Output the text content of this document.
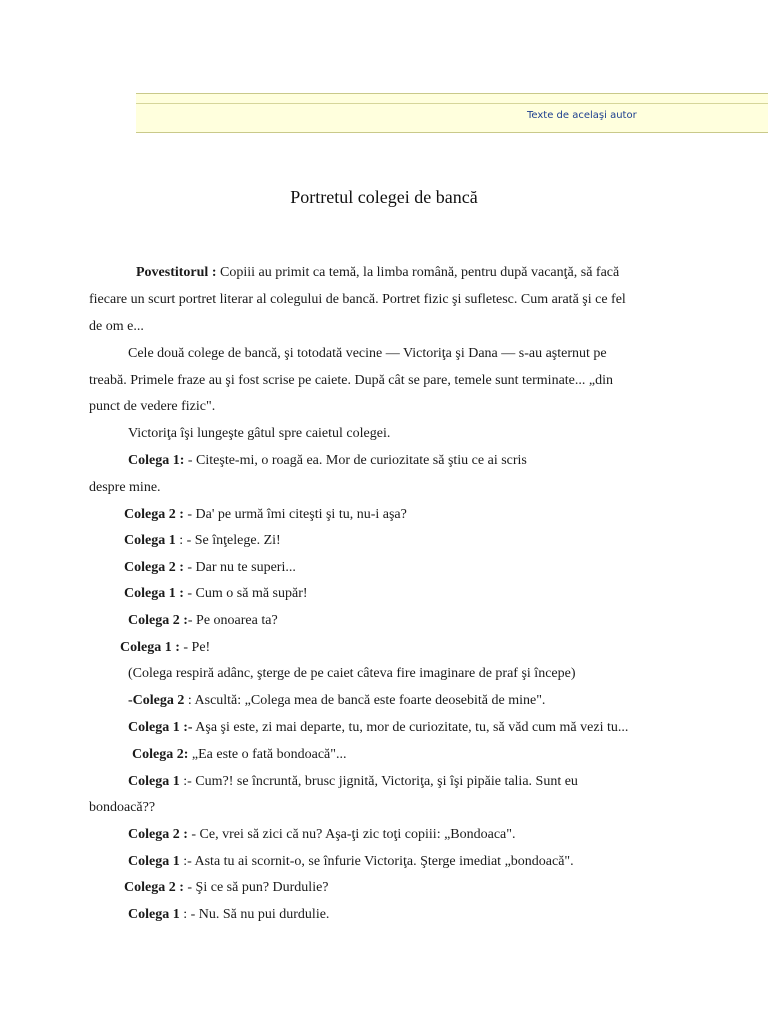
Texte de acelaşi autor
Portretul colegei de bancă
Povestitorul : Copiii au primit ca temă, la limba română, pentru după vacanţă, să facă
fiecare un scurt portret literar al colegului de bancă. Portret fizic şi sufletesc. Cum arată şi ce fel
de om e...
Cele două colege de bancă, şi totodată vecine — Victoriţa şi Dana — s-au aşternut pe
treabă. Primele fraze au şi fost scrise pe caiete. După cât se pare, temele sunt terminate... „din
punct de vedere fizic".
Victoriţa îşi lungeşte gâtul spre caietul colegei.
Colega 1: - Citeşte-mi, o roagă ea. Mor de curiozitate să ştiu ce ai scris
despre mine.
Colega 2 : - Da' pe urmă îmi citeşti şi tu, nu-i aşa?
Colega 1 : - Se înţelege. Zi!
Colega 2 : - Dar nu te superi...
Colega 1 : - Cum o să mă supăr!
Colega 2 :- Pe onoarea ta?
Colega 1 : - Pe!
(Colega respiră adânc, şterge de pe caiet câteva fire imaginare de praf şi începe)
-Colega 2 : Ascultă: „Colega mea de bancă este foarte deosebită de mine".
Colega 1 :- Aşa şi este, zi mai departe, tu, mor de curiozitate, tu, să văd cum mă vezi tu...
Colega 2: „Ea este o fată bondoacă"...
Colega 1 :- Cum?! se încruntă, brusc jignită, Victoriţa, şi îşi pipăie talia. Sunt eu
bondoacă??
Colega 2 : - Ce, vrei să zici că nu? Aşa-ţi zic toţi copiii: „Bondoaca".
Colega 1 :- Asta tu ai scornit-o, se înfurie Victoriţa. Şterge imediat „bondoacă".
Colega 2 : - Şi ce să pun? Durdulie?
Colega 1 : - Nu. Să nu pui durdulie.
